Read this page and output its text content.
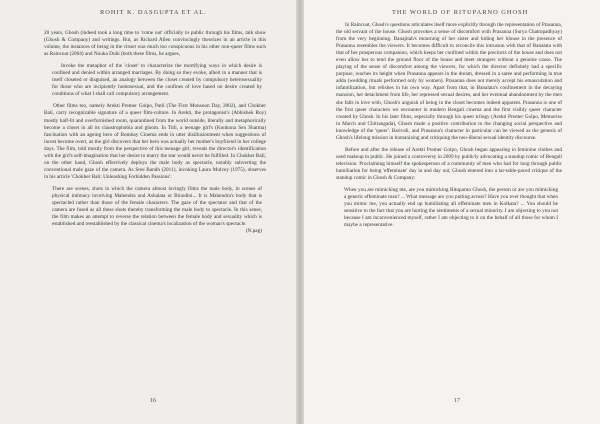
ROHIT K. DASGUPTA ET AL.

20 years, Ghosh (indeed took a long time to 'come out' officially to public through his films, talk show (Ghosh & Company) and writings. But, as Richard Allen convincingly theorizes in an article in this volume, the instances of being in the closet was much too conspicuous in his other non-queer films such as Raincoat (2004) and Nouka Dubi (both these films, he argues,

Invoke the metaphor of the 'closet' to characterize the mortifying ways in which desire is confined and denied within arranged marriages. By doing so they evoke, albeit in a manner that is itself closeted or disguised, an analogy between the closet created by compulsory heterosexuality for those who are incipiently homosexual, and the confines of love based on desire created by conditions of what I shall call compulsory arrangement.

Other films too, namely Arekti Premer Golpo, Patil (The First Monsoon Day, 2002), and Chokher Bali, carry recognizable signature of a queer film-culture. In Arekti, the protagonist's (Abhishek Roy) mostly half-lit and overfurnished room, quarantined from the world outside, literally and metaphorically become a closet in all its claustrophobia and gloom. In Titli, a teenage girl's (Konkona Sen Sharma) fascination with an ageing hero of Bombay Cinema ends in utter disillusionment when suggestions of incest become overt, as the girl discovers that her hero was actually her mother's boyfriend in her college days. The film, told mostly from the perspective of this teenage girl, reveals the director's identification with the girl's self-imagination that her desire to marry the star would never be fulfilled. In Chokher Bali, on the other hand, Ghosh effectively deploys the male body as spectacle, notably subverting the conventional male gaze of the camera. As Sree Bandh (2011), invoking Laura Mulvey (1975), observes in his article 'Chokher Bali: Unleashing Forbidden Passions':

There are scenes, shots in which the camera almost lovingly films the male body, in scenes of physical intimacy involving Mahendra and Ashalata or Binodini... It is Mahendra's body that is spectacled rather than those of the female characters. The gaze of the spectator and that of the camera are fused as all these shots thereby transforming the male body to spectacle. In this sense, the film makes an attempt to reverse the relation between the female body and sexuality which is established and reestablished by the classical cinema's localization of the woman's spectacle.
(N.pag)
16
THE WORLD OF RITUPARNO GHOSH

In Raincoat, Ghosh's questions articulates itself more explicitly through the representation of Prasanna, the old servant of the house. Ghosh provokes a sense of discomfort with Prasanna (Surya Chattopadhyay) from the very beginning. Banajitah's mourning of her sister and hiding her blouse in the presence of Prasanna resembles the viewers. It becomes difficult to reconcile this intrusion with that of Banalata with that of her prosperous companion, which keeps her confined within the precincts of the house and does not even allow her to tend the ground floor of the house and meet strangers without a genuine cause. The playing of the sense of discomfort among the viewers, for which the director definitely had a specific purpose, reaches its height when Prasanna appears in the dream, dressed in a saree and performing in true adda (wedding rituals performed only by women). Prasanna does not merely accept his emasculation and infantilization, but relishes in his own way. Apart from that, in Banalata's confinement in the decaying mansion, her detachment from life, her repressed sexual desires, and her eventual abandonment by the men she falls in love with, Ghosh's anguish of being in the closet becomes indeed apparent. Prasanna is one of the first queer characters we encounter in modern Bengali cinema and the first visibly queer character created by Ghosh. In his later films, especially through his queer trilogy (Arekti Premer Golpo, Memories in March and Chitrangada), Ghosh made a positive contribution to the changing social perspective and knowledge of the 'queer'. Barivali, and Prasanna's character in particular can be viewed as the genesis of Ghosh's lifelong mission in humanizing and critiquing the neo-liberal sexual identity discourse.

Before and after the release of Arekti Premer Golpo, Ghosh began appearing in feminine clothes and used makeup in public. He joined a controversy in 2009 by publicly advocating a standup comic of Bengali television. Proclaiming himself the spokesperson of a community of men who had for long through public humiliation for being 'effeminate' day in and day out, Ghosh entered into a tar-table-paced critique of the standup comic in Ghosh & Company:

When you are mimicking me, are you mimicking Rituparno Ghosh, the person or are you mimicking a generic effeminate man? ... What message are you putting across? Have you ever thought that when you mimic me, you actually end up humiliating all effeminate men in Kolkata? ... You should be sensitive to the fact that you are hurting the sentiments of a sexual minority. I am objecting to you not because I am inconvenienced myself, rather I am objecting to it on the behalf of all those for whom I maybe a representative.
17
